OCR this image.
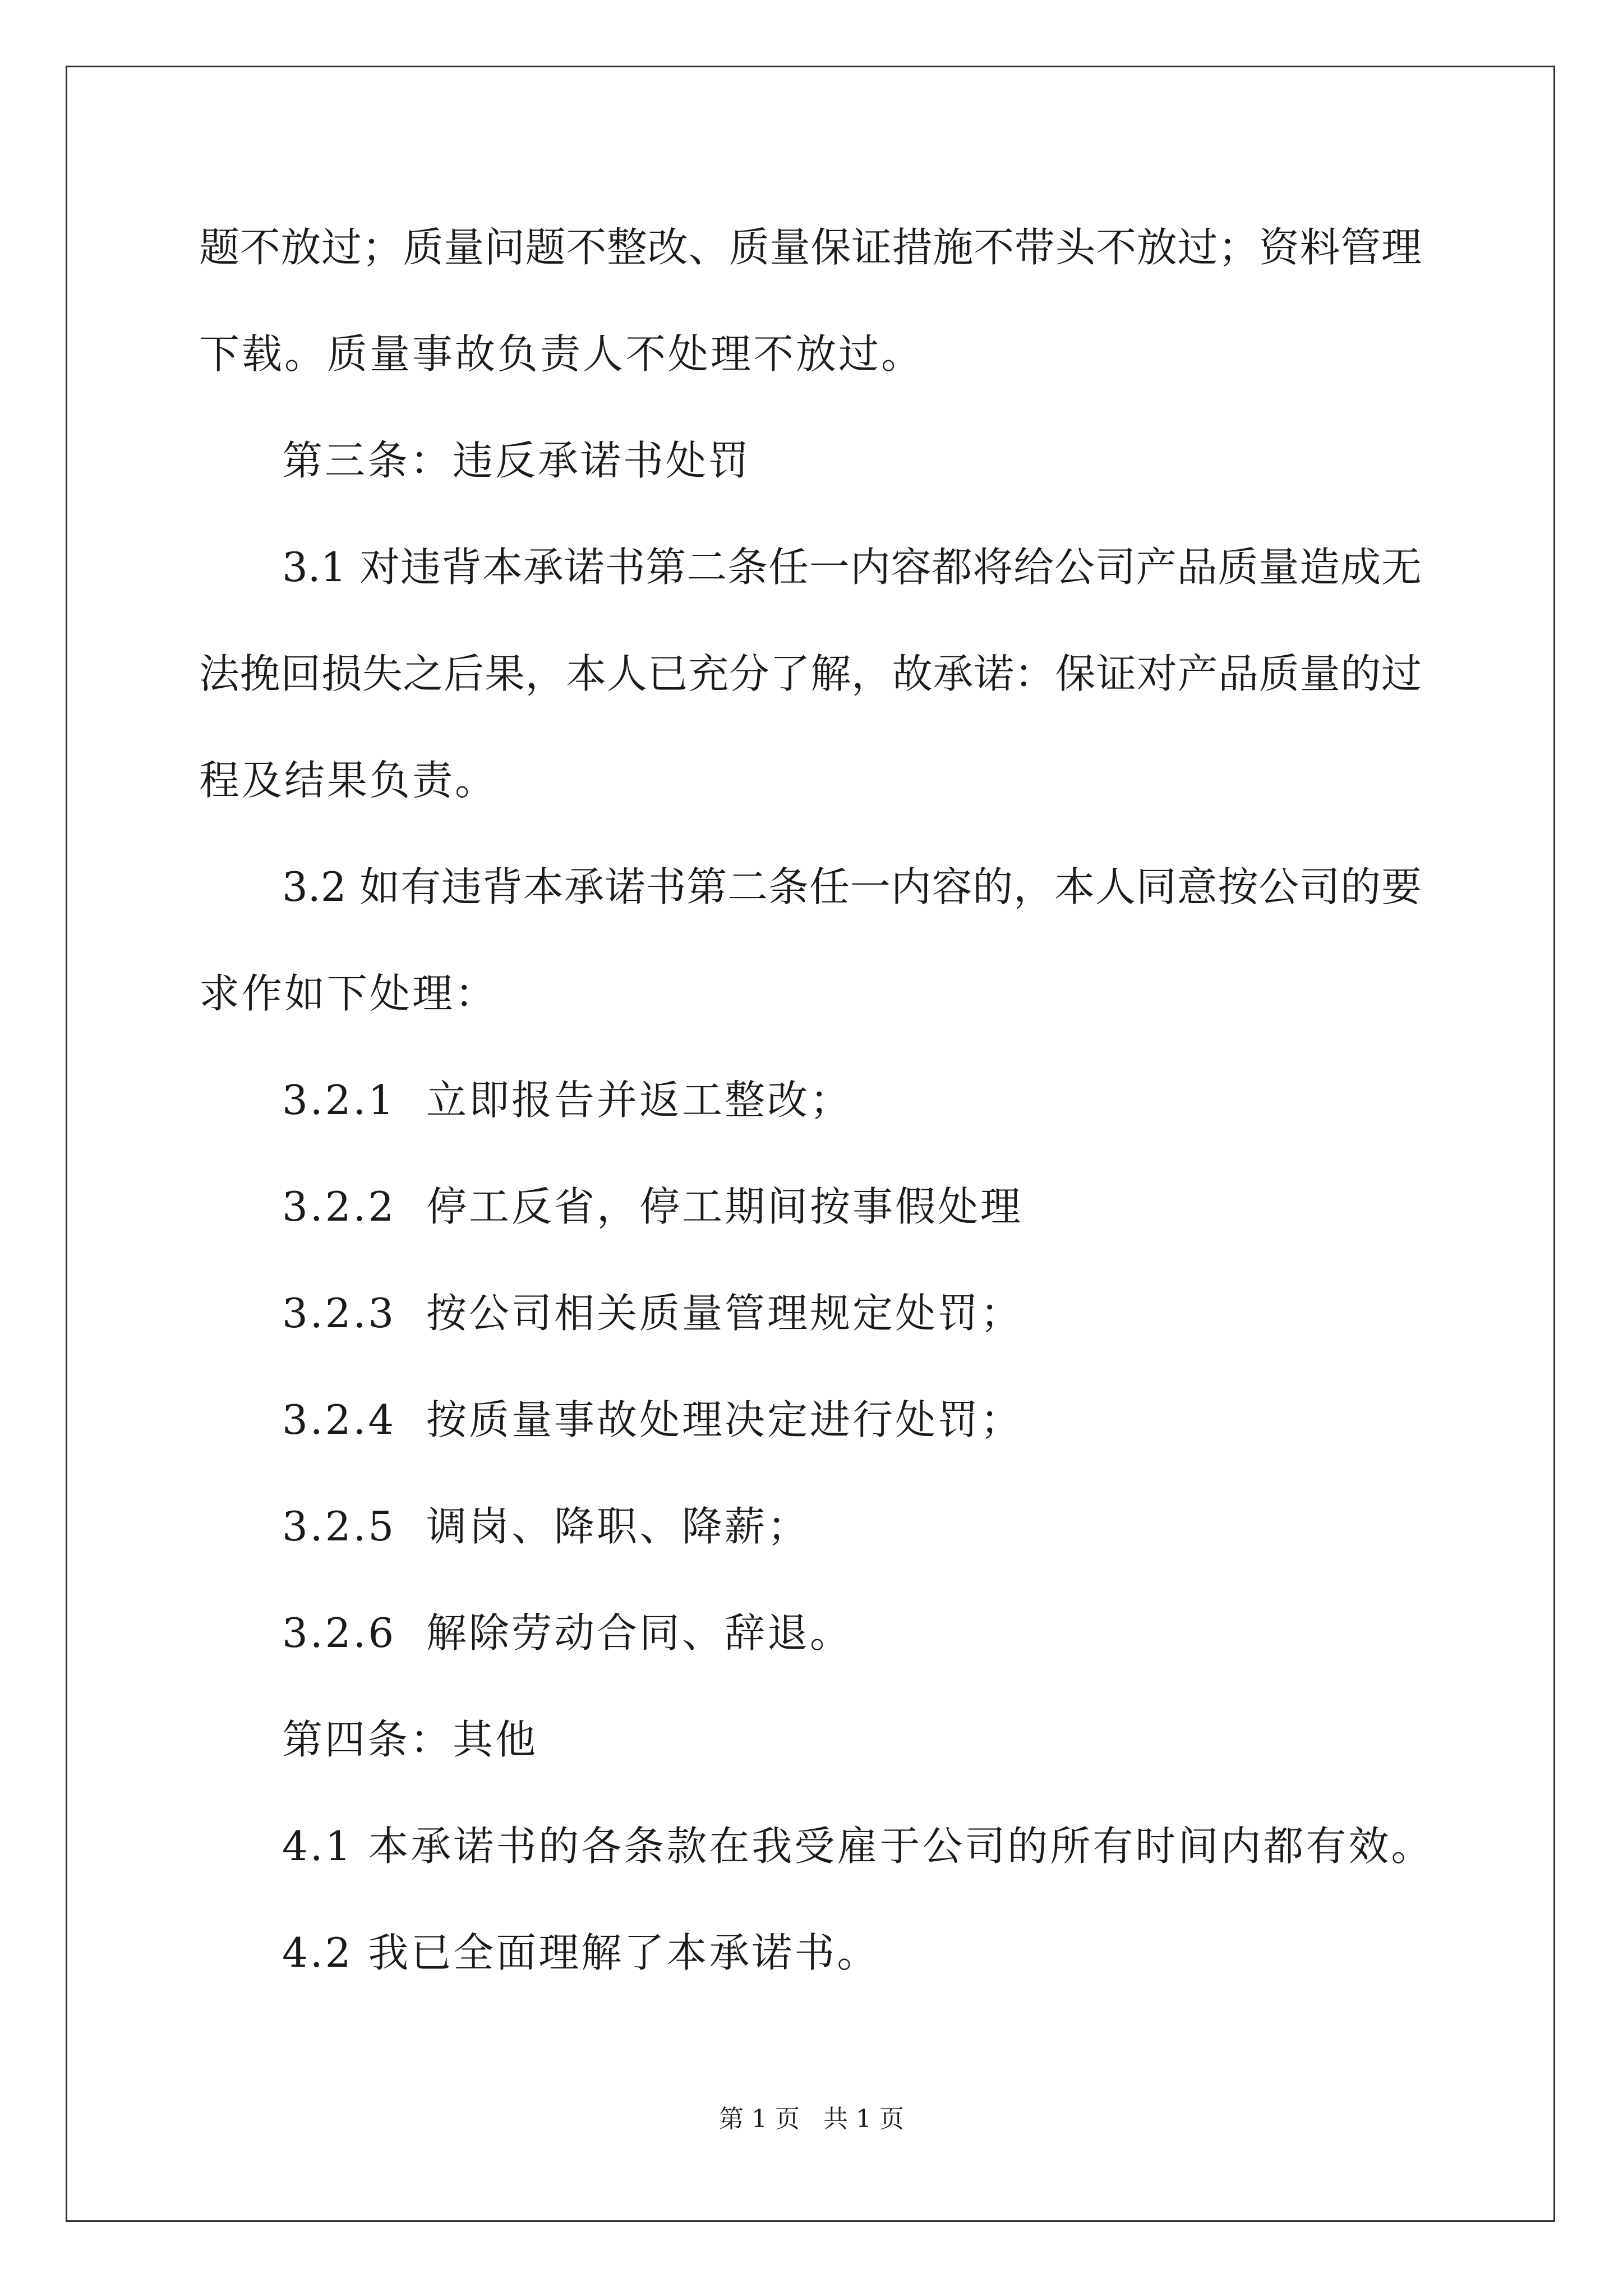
题不放过；质量问题不整改、质量保证措施不带头不放过；资料管理
下载。质量事故负责人不处理不放过。
第三条：违反承诺书处罚
3.1 对违背本承诺书第二条任一内容都将给公司产品质量造成无
法挽回损失之后果，本人已充分了解，故承诺：保证对产品质量的过
程及结果负责。
3.2 如有违背本承诺书第二条任一内容的，本人同意按公司的要
求作如下处理：
3.2.1  立即报告并返工整改；
3.2.2  停工反省，停工期间按事假处理
3.2.3  按公司相关质量管理规定处罚；
3.2.4  按质量事故处理决定进行处罚；
3.2.5  调岗、降职、降薪；
3.2.6  解除劳动合同、辞退。
第四条：其他
4.1 本承诺书的各条款在我受雇于公司的所有时间内都有效。
4.2 我已全面理解了本承诺书。
第 1 页   共 1 页
